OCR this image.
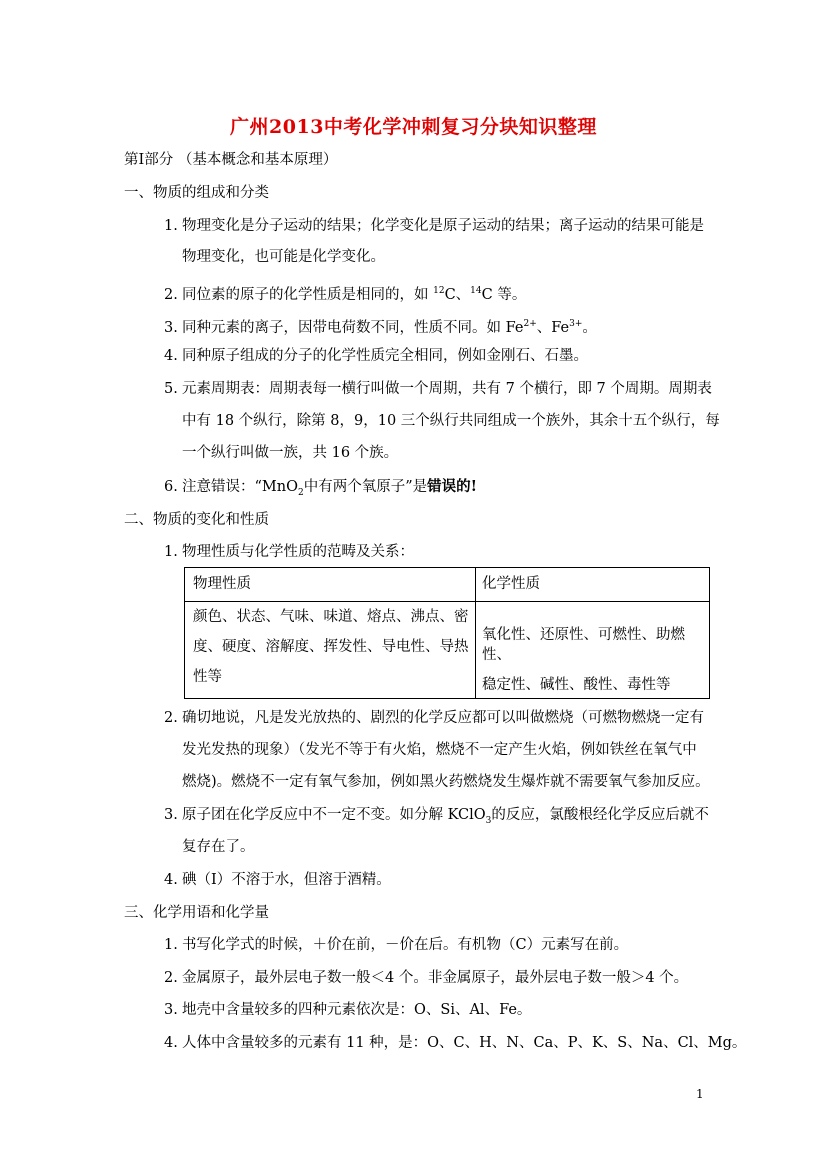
广州2013中考化学冲刺复习分块知识整理
第Ⅰ部分 （基本概念和基本原理）
一、物质的组成和分类
1. 物理变化是分子运动的结果；化学变化是原子运动的结果；离子运动的结果可能是
物理变化，也可能是化学变化。
2. 同位素的原子的化学性质是相同的，如 $^{12}$C、$^{14}$C 等。
3. 同种元素的离子，因带电荷数不同，性质不同。如 $Fe^{2+}$、$Fe^{3+}$。
4. 同种原子组成的分子的化学性质完全相同，例如金刚石、石墨。
5. 元素周期表：周期表每一横行叫做一个周期，共有 7 个横行，即 7 个周期。周期表
中有 18 个纵行，除第 8，9，10 三个纵行共同组成一个族外，其余十五个纵行，每
一个纵行叫做一族，共 16 个族。
6. 注意错误：“MnO$_2$中有两个氧原子”是错误的!
二、物质的变化和性质
1. 物理性质与化学性质的范畴及关系：
物理性质	化学性质
颜色、状态、气味、味道、熔点、沸点、密
度、硬度、溶解度、挥发性、导电性、导热
性等
氧化性、还原性、可燃性、助燃性、
稳定性、碱性、酸性、毒性等
2. 确切地说，凡是发光放热的、剧烈的化学反应都可以叫做燃烧（可燃物燃烧一定有
发光发热的现象）（发光不等于有火焰，燃烧不一定产生火焰，例如铁丝在氧气中
燃烧)。燃烧不一定有氧气参加，例如黑火药燃烧发生爆炸就不需要氧气参加反应。
3. 原子团在化学反应中不一定不变。如分解 KClO$_3$的反应，氯酸根经化学反应后就不
复存在了。
4. 碘（I）不溶于水，但溶于酒精。
三、化学用语和化学量
1. 书写化学式的时候，＋价在前，－价在后。有机物（C）元素写在前。
2. 金属原子，最外层电子数一般＜4 个。非金属原子，最外层电子数一般＞4 个。
3. 地壳中含量较多的四种元素依次是：O、Si、Al、Fe。
4. 人体中含量较多的元素有 11 种，是：O、C、H、N、Ca、P、K、S、Na、Cl、Mg。
1
